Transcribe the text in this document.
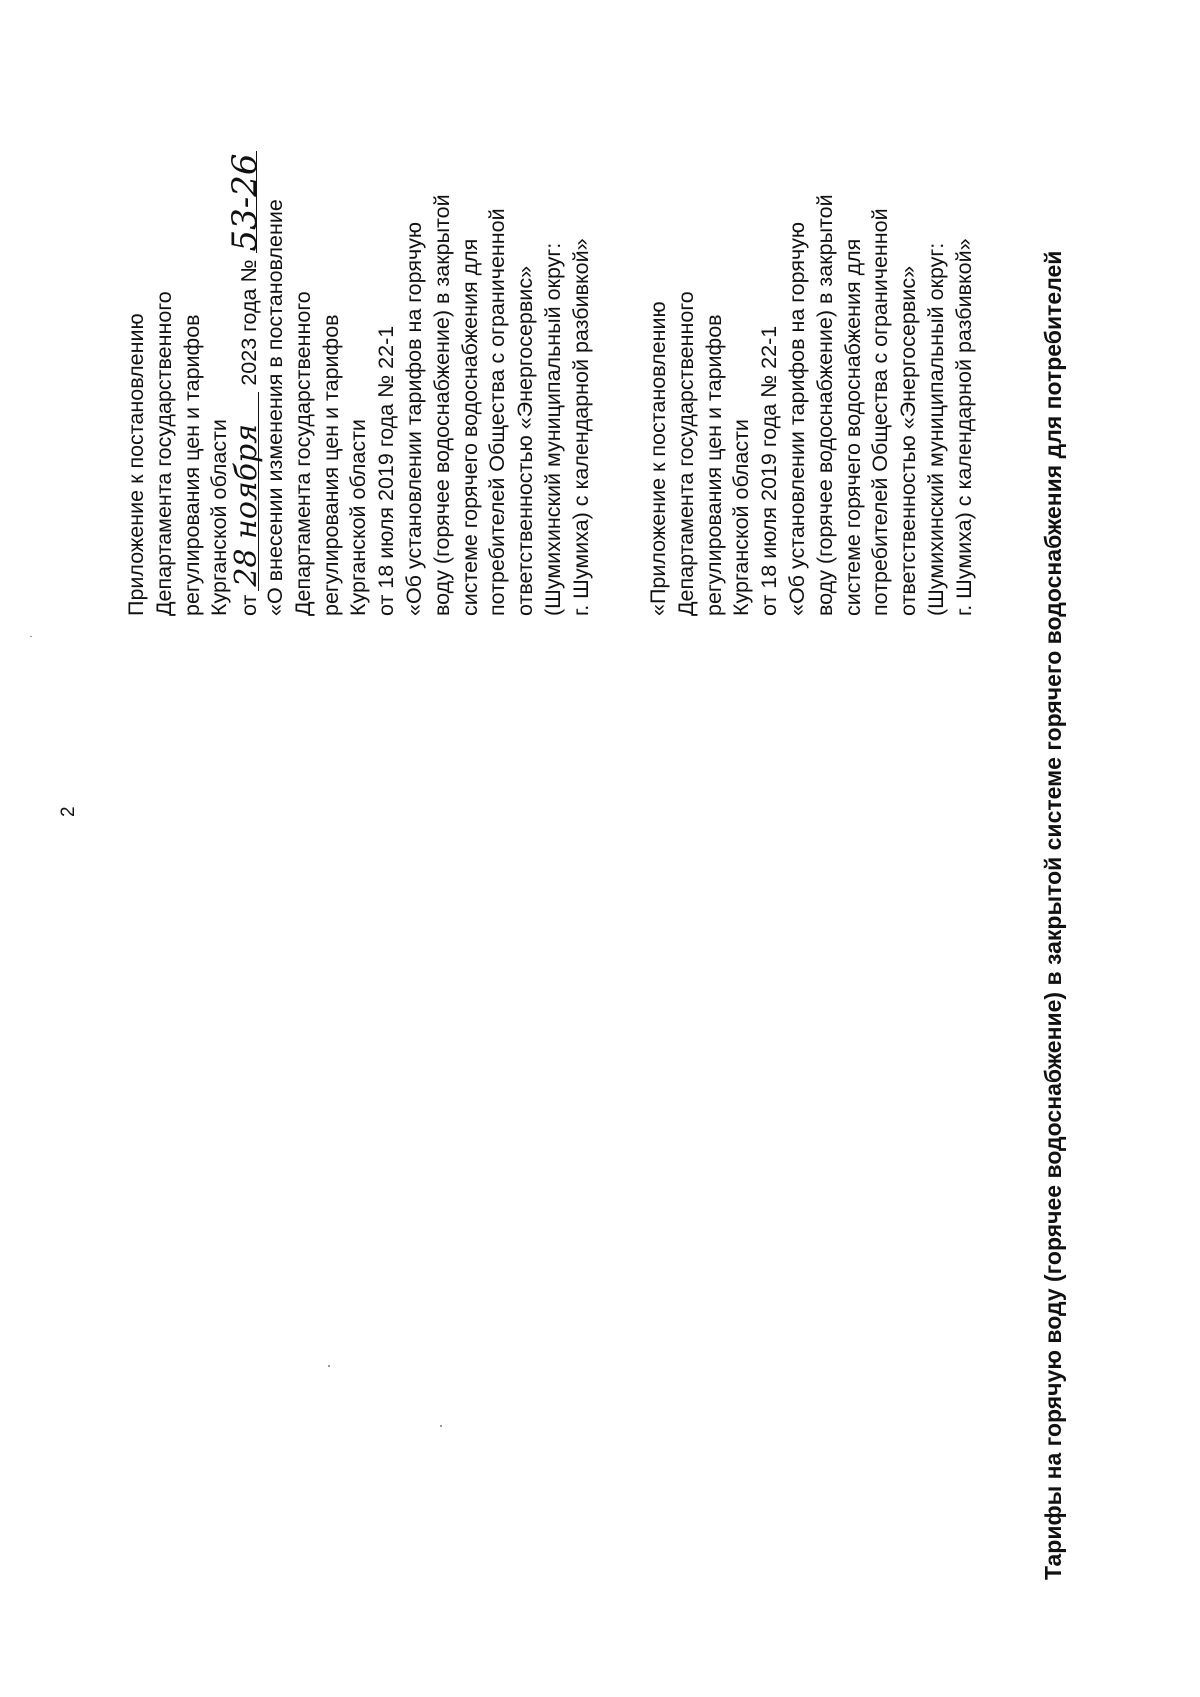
2
Приложение к постановлению Департамента государственного регулирования цен и тарифов Курганской области от28 ноября 2023 года №53-26
«О внесении изменения в постановление Департамента государственного регулирования цен и тарифов Курганской области от 18 июля 2019 года № 22-1 «Об установлении тарифов на горячую воду (горячее водоснабжение) в закрытой системе горячего водоснабжения для потребителей Общества с ограниченной ответственностью «Энергосервис» (Шумихинский муниципальный округ: г. Шумиха) с календарной разбивкой» «Приложение к постановлению Департамента государственного регулирования цен и тарифов Курганской области от 18 июля 2019 года № 22-1 «Об установлении тарифов на горячую воду (горячее водоснабжение) в закрытой системе горячего водоснабжения для потребителей Общества с ограниченной ответственностью «Энергосервис» (Шумихинский муниципальный округ: г. Шумиха) с календарной разбивкой»	Тарифы на горячую воду (горячее водоснабжение) в закрытой системе горячего водоснабжения для потребителей
